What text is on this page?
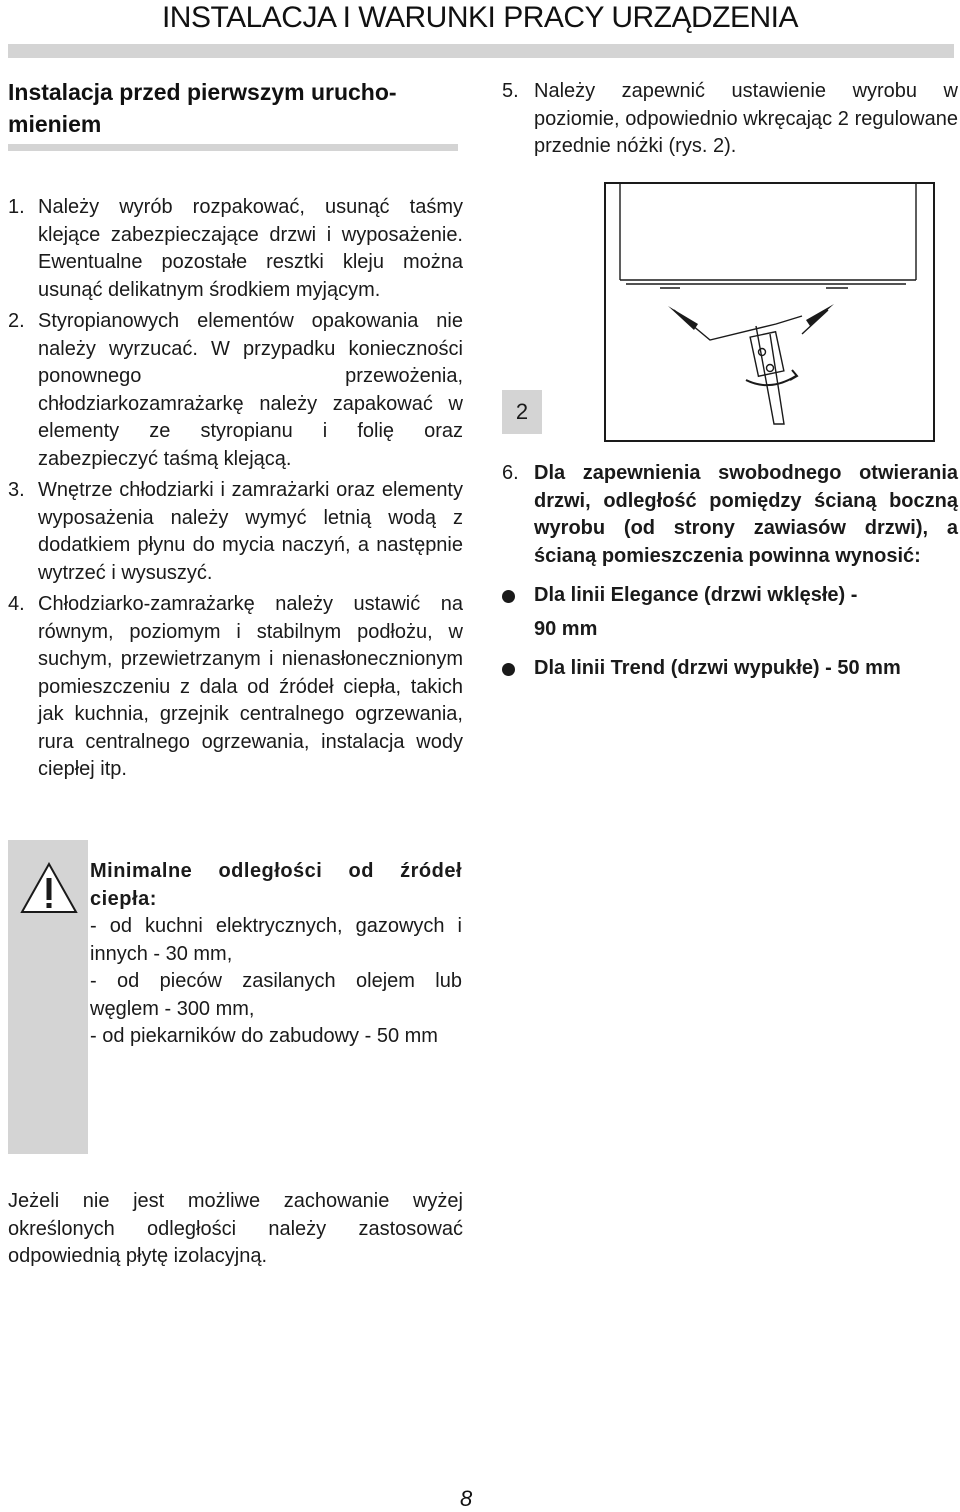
INSTALACJA I WARUNKI PRACY URZĄDZENIA
Instalacja przed pierwszym urucho-
mieniem
1. Należy wyrób rozpakować, usunąć taśmy klejące zabezpieczające drzwi i wyposażenie. Ewentualne pozostałe resztki kleju można usunąć delikatnym środkiem myjącym.
2. Styropianowych elementów opakowania nie należy wyrzucać. W przypadku konieczności ponownego przewożenia, chłodziarkozamrażarkę należy zapakować w elementy ze styropianu i folię oraz zabezpieczyć taśmą klejącą.
3. Wnętrze chłodziarki i zamrażarki oraz elementy wyposażenia należy wymyć letnią wodą z dodatkiem płynu do mycia naczyń, a następnie wytrzeć i wysuszyć.
4. Chłodziarko-zamrażarkę należy ustawić na równym, poziomym i stabilnym podłożu, w suchym, przewietrzanym i nienasłonecznionym pomieszczeniu z dala od źródeł ciepła, takich jak kuchnia, grzejnik centralnego ogrzewania, rura centralnego ogrzewania, instalacja wody ciepłej itp.
5. Należy zapewnić ustawienie wyrobu w poziomie, odpowiednio wkręcając 2 regulowane przednie nóżki (rys. 2).
2
6. Dla zapewnienia swobodnego otwierania drzwi, odległość pomiędzy ścianą boczną wyrobu (od strony zawiasów drzwi), a ścianą pomieszczenia powinna wynosić:
Dla linii Elegance (drzwi wklęsłe) -
90 mm
Dla linii Trend (drzwi wypukłe) - 50 mm
Minimalne odległości od źródeł ciepła:
- od kuchni elektrycznych, gazowych i innych - 30 mm,
- od pieców zasilanych olejem lub węglem - 300 mm,
- od piekarników do zabudowy - 50 mm
Jeżeli nie jest możliwe zachowanie wyżej określonych odległości należy zastosować odpowiednią płytę izolacyjną.
8
